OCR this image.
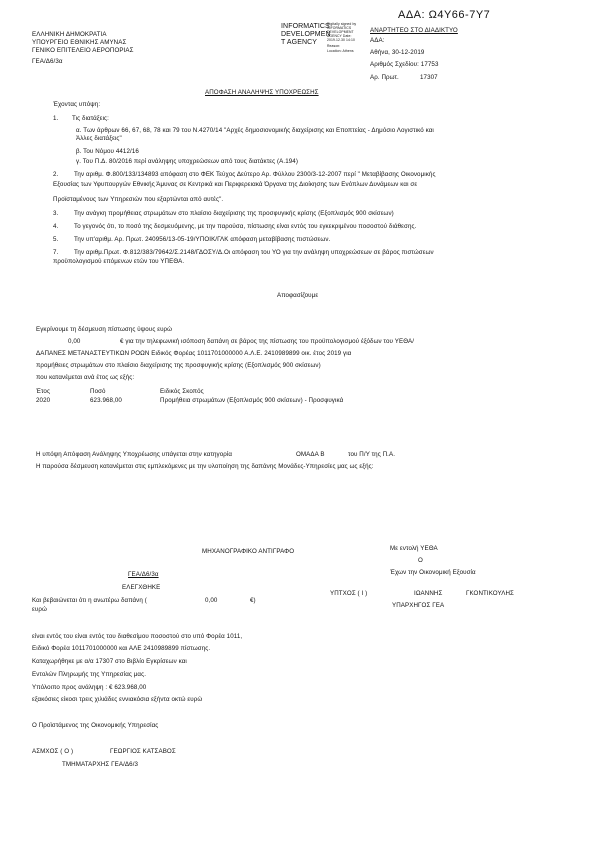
ΑΔΑ: Ω4Υ66-7Υ7
ΕΛΛΗΝΙΚΗ ΔΗΜΟΚΡΑΤΙΑ
ΥΠΟΥΡΓΕΙΟ ΕΘΝΙΚΗΣ ΑΜΥΝΑΣ
ΓΕΝΙΚΟ ΕΠΙΤΕΛΕΙΟ ΑΕΡΟΠΟΡΙΑΣ
ΓΕΑ/Δ6/3α
INFORMATICS
DEVELOPMEN
T AGENCY
Digitally signed by INFORMATICS DEVELOPMENT AGENCY Date: 2019.12.30 14:10
Reason:
Location: Athens
ΑΝΑΡΤΗΤΕΟ ΣΤΟ ΔΙΑΔΙΚΤΥΟ
ΑΔΑ:
Αθήνα, 30-12-2019
Αριθμός Σχεδίου: 17753
Αρ. Πρωτ.	17307
ΑΠΟΦΑΣΗ ΑΝΑΛΗΨΗΣ ΥΠΟΧΡΕΩΣΗΣ
Έχοντας υπόψη:
1. Τις διατάξεις:
α. Των άρθρων 66, 67, 68, 78 και 79 του Ν.4270/14 "Αρχές δημοσιονομικής διαχείρισης και Εποπτείας - Δημόσιο Λογιστικό και
Άλλες διατάξεις"
β. Του Νόμου 4412/16
γ. Του Π.Δ. 80/2016 περί ανάληψης υποχρεώσεων από τους διατάκτες (Α.194)
2.	Την αριθμ. Φ.800/133/134893 απόφαση στο ΦΕΚ Τεύχος Δεύτερο Αρ. Φύλλου 2300/3-12-2007 περί " Μεταβίβασης Οικονομικής
Εξουσίας των Υφυπουργών Εθνικής Άμυνας σε Κεντρικά και Περιφερειακά Όργανα της Διοίκησης των Ενόπλων Δυνάμεων και σε
Προϊσταμένους των Υπηρεσιών που εξαρτώνται από αυτές".
3.	Την ανάγκη προμήθειας στρωμάτων στο πλαίσιο διαχείρισης της προσφυγικής κρίσης (Εξοπλισμός 900 σκίσεων)
4.	Το γεγονός ότι, το ποσό της δεσμευόμενης, με την παρούσα, πίστωσης είναι εντός του εγκεκριμένου ποσοστού διάθεσης.
5.	Την υπ'αριθμ. Αρ. Πρωτ. 240956/13-05-19/ΥΠΟΙΚ/ΓΛΚ απόφαση μεταβίβασης πιστώσεων.
7.	Την αριθμ.Πρωτ. Φ.812/383/79642/Σ.2148/ΓΔΟΣΥ/Δ.Οι απόφαση του ΥΟ για την ανάληψη υποχρεώσεων σε βάρος πιστώσεων
προϋπολογισμού επόμενων ετών του ΥΠΕΘΑ.
Αποφασίζουμε
Εγκρίνουμε τη δέσμευση πίστωσης ύψους ευρώ
0,00	€ για την τηλεφωνική ισόποση δαπάνη σε βάρος της πίστωσης του προϋπολογισμού έξόδων του ΥΕΘΑ/
ΔΑΠΑΝΕΣ ΜΕΤΑΝΑΣΤΕΥΤΙΚΩΝ ΡΟΩΝ Ειδικός Φορέας 1011701000000 Α.Λ.Ε. 2410989899 οικ. έτος 2019 για
προμήθειες στρωμάτων στο πλαίσιο διαχείρισης της προσφυγικής κρίσης (Εξοπλισμός 900 σκίσεων)
που κατανέμεται ανά έτος ως εξής:
Έτος	Ποσό	Ειδικός Σκοπός
2020	623.968,00	Προμήθεια στρωμάτων (Εξοπλισμός 900 σκίσεων) - Προσφυγικά
Η υπόψη Απόφαση Ανάληψης Υποχρέωσης υπάγεται στην κατηγορία	ΟΜΑΔΑ Β	του Π/Υ της Π.Α.
Η παρούσα δέσμευση κατανέμεται στις εμπλεκόμενες με την υλοποίηση της δαπάνης Μονάδες-Υπηρεσίες μας ως εξής:
ΜΗΧΑΝΟΓΡΑΦΙΚΟ ΑΝΤΙΓΡΑΦΟ	Με εντολή ΥΕΘΑ
Ο
Έχων την Οικονομική Εξουσία
ΥΠΤΧΟΣ ( Ι )	ΙΩΑΝΝΗΣ	ΓΚΟΝΤΙΚΟΥΛΗΣ
ΥΠΑΡΧΗΓΟΣ ΓΕΑ
ΓΕΑ/Δ6/3α
ΕΛΕΓΧΘΗΚΕ
Και βεβαιώνεται ότι η ανωτέρω δαπάνη (	0,00	€)
ευρώ
είναι εντός του είναι εντός του διαθεσίμου ποσοστού στο υπό Φορέα 1011,
Ειδικό Φορέα 1011701000000 και ΑΛΕ 2410989899 πίστωσης.
Καταχωρήθηκε με α/α 17307 στο Βιβλίο Εγκρίσεων και
Εντολών Πληρωμής της Υπηρεσίας μας.
Υπόλοιπο προς ανάληψη : € 623.968,00
εξακόσιες είκοσι τρεις χιλιάδες εννιακόσια εξήντα οκτώ ευρώ
Ο Προϊστάμενος της Οικονομικής Υπηρεσίας
ΑΣΜΧΟΣ ( Ο )	ΓΕΩΡΓΙΟΣ ΚΑΤΣΑΒΟΣ
ΤΜΗΜΑΤΑΡΧΗΣ ΓΕΑ/Δ6/3
